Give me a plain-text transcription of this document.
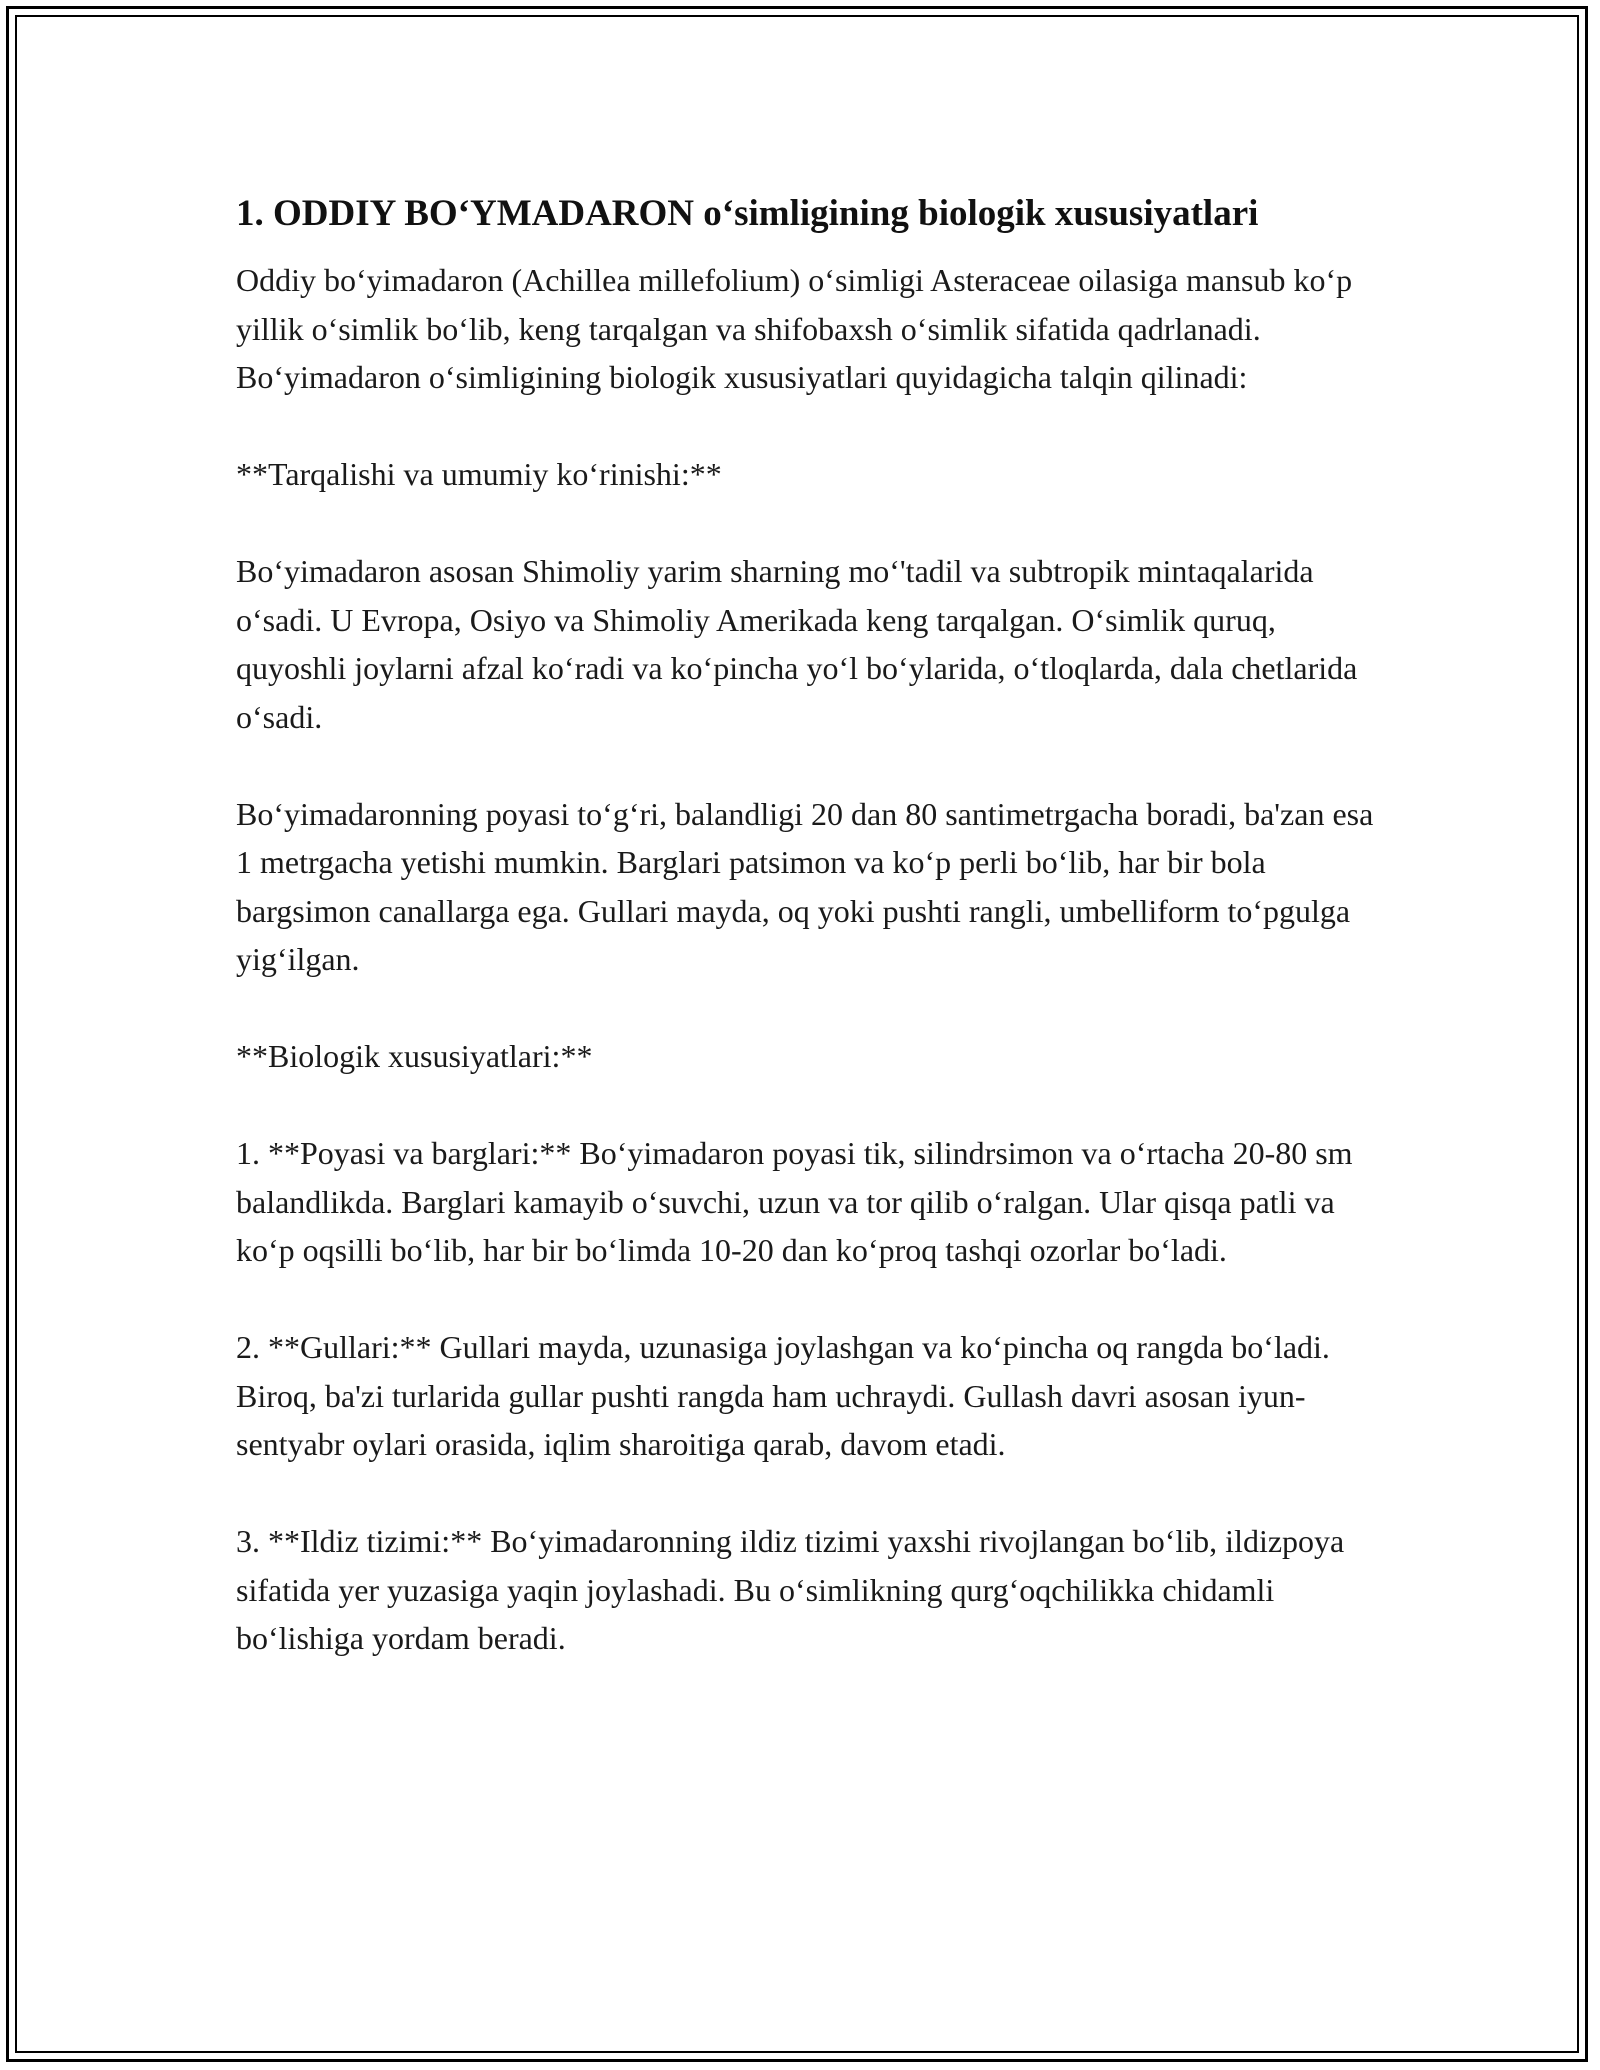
1. ODDIY BO‘YMADARON o‘simligining biologik xususiyatlari

Oddiy bo‘yimadaron (Achillea millefolium) o‘simligi Asteraceae oilasiga mansub ko‘p yillik o‘simlik bo‘lib, keng tarqalgan va shifobaxsh o‘simlik sifatida qadrlanadi. Bo‘yimadaron o‘simligining biologik xususiyatlari quyidagicha talqin qilinadi:

**Tarqalishi va umumiy ko‘rinishi:**

Bo‘yimadaron asosan Shimoliy yarim sharning mo‘'tadil va subtropik mintaqalarida o‘sadi. U Evropa, Osiyo va Shimoliy Amerikada keng tarqalgan. O‘simlik quruq, quyoshli joylarni afzal ko‘radi va ko‘pincha yo‘l bo‘ylarida, o‘tloqlarda, dala chetlarida o‘sadi.

Bo‘yimadaronning poyasi to‘g‘ri, balandligi 20 dan 80 santimetrgacha boradi, ba'zan esa 1 metrgacha yetishi mumkin. Barglari patsimon va ko‘p perli bo‘lib, har bir bola bargsimon canallarga ega. Gullari mayda, oq yoki pushti rangli, umbelliform to‘pgulga yig‘ilgan.

**Biologik xususiyatlari:**

1. **Poyasi va barglari:** Bo‘yimadaron poyasi tik, silindrsimon va o‘rtacha 20-80 sm balandlikda. Barglari kamayib o‘suvchi, uzun va tor qilib o‘ralgan. Ular qisqa patli va ko‘p oqsilli bo‘lib, har bir bo‘limda 10-20 dan ko‘proq tashqi ozorlar bo‘ladi.

2. **Gullari:** Gullari mayda, uzunasiga joylashgan va ko‘pincha oq rangda bo‘ladi. Biroq, ba'zi turlarida gullar pushti rangda ham uchraydi. Gullash davri asosan iyun-sentyabr oylari orasida, iqlim sharoitiga qarab, davom etadi.

3. **Ildiz tizimi:** Bo‘yimadaronning ildiz tizimi yaxshi rivojlangan bo‘lib, ildizpoya sifatida yer yuzasiga yaqin joylashadi. Bu o‘simlikning qurg‘oqchilikka chidamli bo‘lishiga yordam beradi.
